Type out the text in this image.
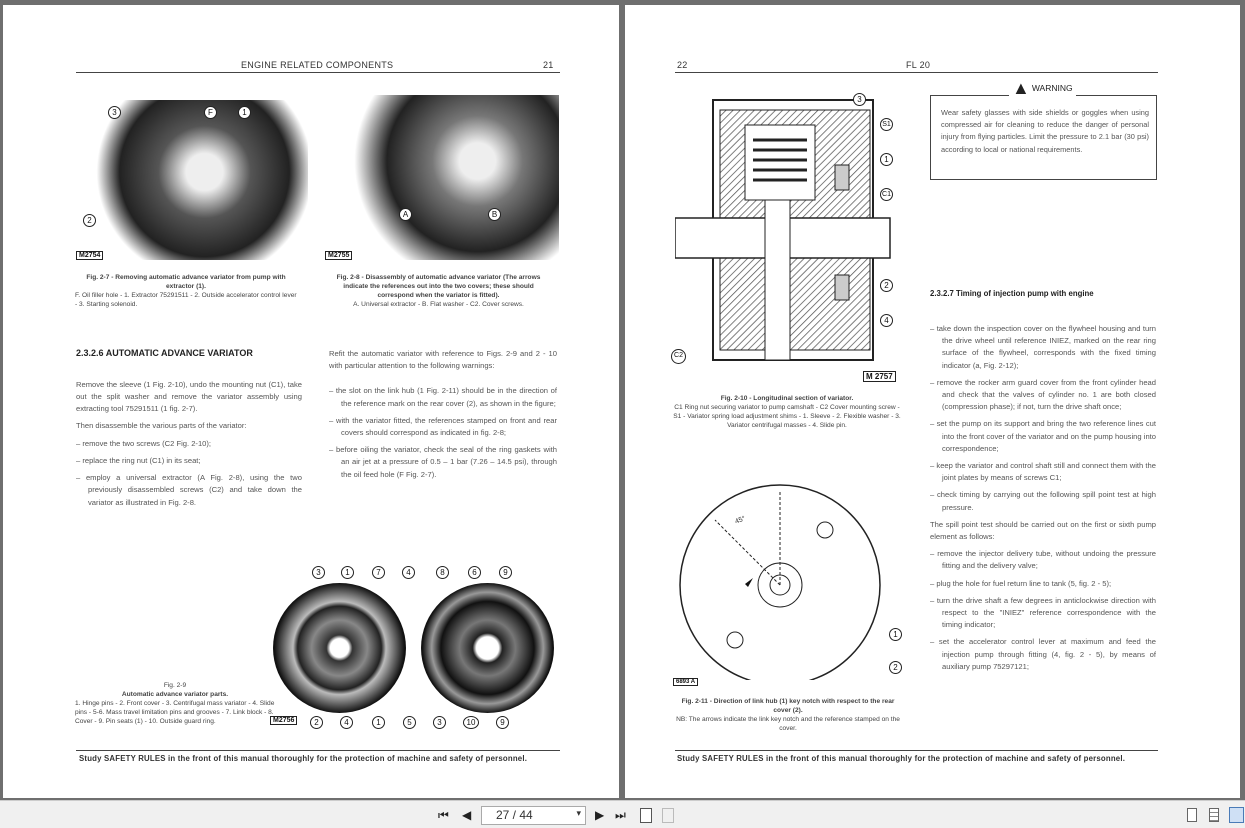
ENGINE RELATED COMPONENTS	21
3	F	1
2
M2754
A	B
M2755
Fig. 2-7 - Removing automatic advance variator from pump with extractor (1).
F. Oil filler hole - 1. Extractor 75291511 - 2. Outside accelerator control lever - 3. Starting solenoid.
Fig. 2-8 - Disassembly of automatic advance variator (The arrows indicate the references out into the two covers; these should correspond when the variator is fitted).
A. Universal extractor - B. Flat washer - C2. Cover screws.
2.3.2.6 AUTOMATIC ADVANCE VARIATOR
Remove the sleeve (1 Fig. 2-10), undo the mounting nut (C1), take out the split washer and remove the variator assembly using extracting tool 75291511 (1 fig. 2-7).
Then disassemble the various parts of the variator:
– remove the two screws (C2 Fig. 2-10);
– replace the ring nut (C1) in its seat;
– employ a universal extractor (A Fig. 2-8), using the two previously disassembled screws (C2) and take down the variator as illustrated in Fig. 2-8.
Refit the automatic variator with reference to Figs. 2-9 and 2 - 10 with particular attention to the following warnings:
– the slot on the link hub (1 Fig. 2-11) should be in the direction of the reference mark on the rear cover (2), as shown in the figure;
– with the variator fitted, the references stamped on front and rear covers should correspond as indicated in fig. 2-8;
– before oiling the variator, check the seal of the ring gaskets with an air jet at a pressure of 0.5 – 1 bar (7.26 – 14.5 psi), through the oil feed hole (F Fig. 2-7).
3	1	7	4	8	6	9
M2756	2	4	1	5	3	10	9
Fig. 2-9
Automatic advance variator parts.
1. Hinge pins - 2. Front cover - 3. Centrifugal mass variator - 4. Slide pins - 5-6. Mass travel limitation pins and grooves - 7. Link block - 8. Cover - 9. Pin seats (1) - 10. Outside guard ring.
Study SAFETY RULES in the front of this manual thoroughly for the protection of machine and safety of personnel.
22	FL 20
3
S1
1
C1
2
4
C2
M 2757
Fig. 2-10 - Longitudinal section of variator.
C1 Ring nut securing variator to pump camshaft - C2 Cover mounting screw - S1 - Variator spring load adjustment shims - 1. Sleeve - 2. Flexible washer - 3. Variator centrifugal masses - 4. Slide pin.
45°
1
2
6893 A
Fig. 2-11 - Direction of link hub (1) key notch with respect to the rear cover (2).
NB: The arrows indicate the link key notch and the reference stamped on the cover.
▲ WARNING
Wear safety glasses with side shields or goggles when using compressed air for cleaning to reduce the danger of personal injury from flying particles. Limit the pressure to 2.1 bar (30 psi) according to local or national requirements.
2.3.2.7 Timing of injection pump with engine
– take down the inspection cover on the flywheel housing and turn the drive wheel until reference INIEZ, marked on the rear ring surface of the flywheel, corresponds with the fixed timing indicator (a, Fig. 2-12);
– remove the rocker arm guard cover from the front cylinder head and check that the valves of cylinder no. 1 are both closed (compression phase); if not, turn the drive shaft once;
– set the pump on its support and bring the two reference lines cut into the front cover of the variator and on the pump housing into correspondence;
– keep the variator and control shaft still and connect them with the joint plates by means of screws C1;
– check timing by carrying out the following spill point test at high pressure.
The spill point test should be carried out on the first or sixth pump element as follows:
– remove the injector delivery tube, without undoing the pressure fitting and the delivery valve;
– plug the hole for fuel return line to tank (5, fig. 2 - 5);
– turn the drive shaft a few degrees in anticlockwise direction with respect to the "INIEZ" reference correspondence with the timing indicator;
– set the accelerator control lever at maximum and feed the injection pump through fitting (4, fig. 2 - 5), by means of auxiliary pump 75297121;
Study SAFETY RULES in the front of this manual thoroughly for the protection of machine and safety of personnel.
⏮ ◀	27 / 44	▾ ▶ ⏭
